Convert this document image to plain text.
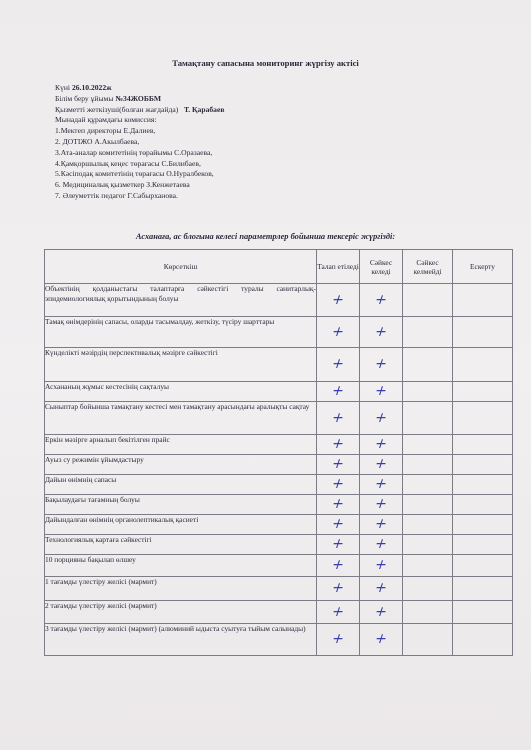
Тамақтану сапасына мониторинг жүргізу актісі
Күні 26.10.2022ж
Білім беру ұйымы №34ЖОББМ
Қызметті жеткізуші(болған жағдайда) Т. Қарабаев
Мынадай құрамдағы комиссия:
1.Мектеп директоры Е.Далиев,
2. ДОТІЖО А.Акылбаева,
3.Ата-аналар комитетінің төрайымы С.Оразаева,
4.Қамқоршылық кеңес төрағасы С.Билибаев,
5.Кәсіподақ комитетінің төрағасы О.Нуралбеков,
6. Медициналық қызметкер З.Кенжетаева
7. Әлеуметтік педагог Г.Сабырханова.
Асханаға, ас блогына келесі параметрлер бойынша тексеріс жүргізді:
Көрсеткіш	Талап етіледі	Сәйкес келеді	Сәйкес келмейді	Ескерту
Объектінің қолданыстағы талаптарға сәйкестігі туралы санитарлық-эпидемиологиялық қорытындының болуы	+	+		
Тамақ өнімдерінің сапасы, оларды тасымалдау, жеткізу, түсіру шарттары	+	+		
Күнделікті мәзірдің перспективалық мәзірге сәйкестігі	+	+		
Асхананың жұмыс кестесінің сақталуы	+	+		
Сыныптар бойынша тамақтану кестесі мен тамақтану арасындағы аралықты сақтау	+	+		
Еркін мәзірге арналып бекітілген прайс	+	+		
Ауыз су режимін ұйымдастыру	+	+		
Дайын өнімнің сапасы	+	+		
Бақылаудағы тағамның болуы	+	+		
Дайындалған өнімнің органолептикалық қасиеті	+	+		
Технологиялық картаға сәйкестігі	+	+		
10 порцияны бақылап өлшеу	+	+		
1 тағамды үлестіру желісі (мармит)	+	+		
2 тағамды үлестіру желісі (мармит)	+	+		
3 тағамды үлестіру желісі (мармит) (алюминий ыдыста суытуға тыйым салынады)	+	+		
